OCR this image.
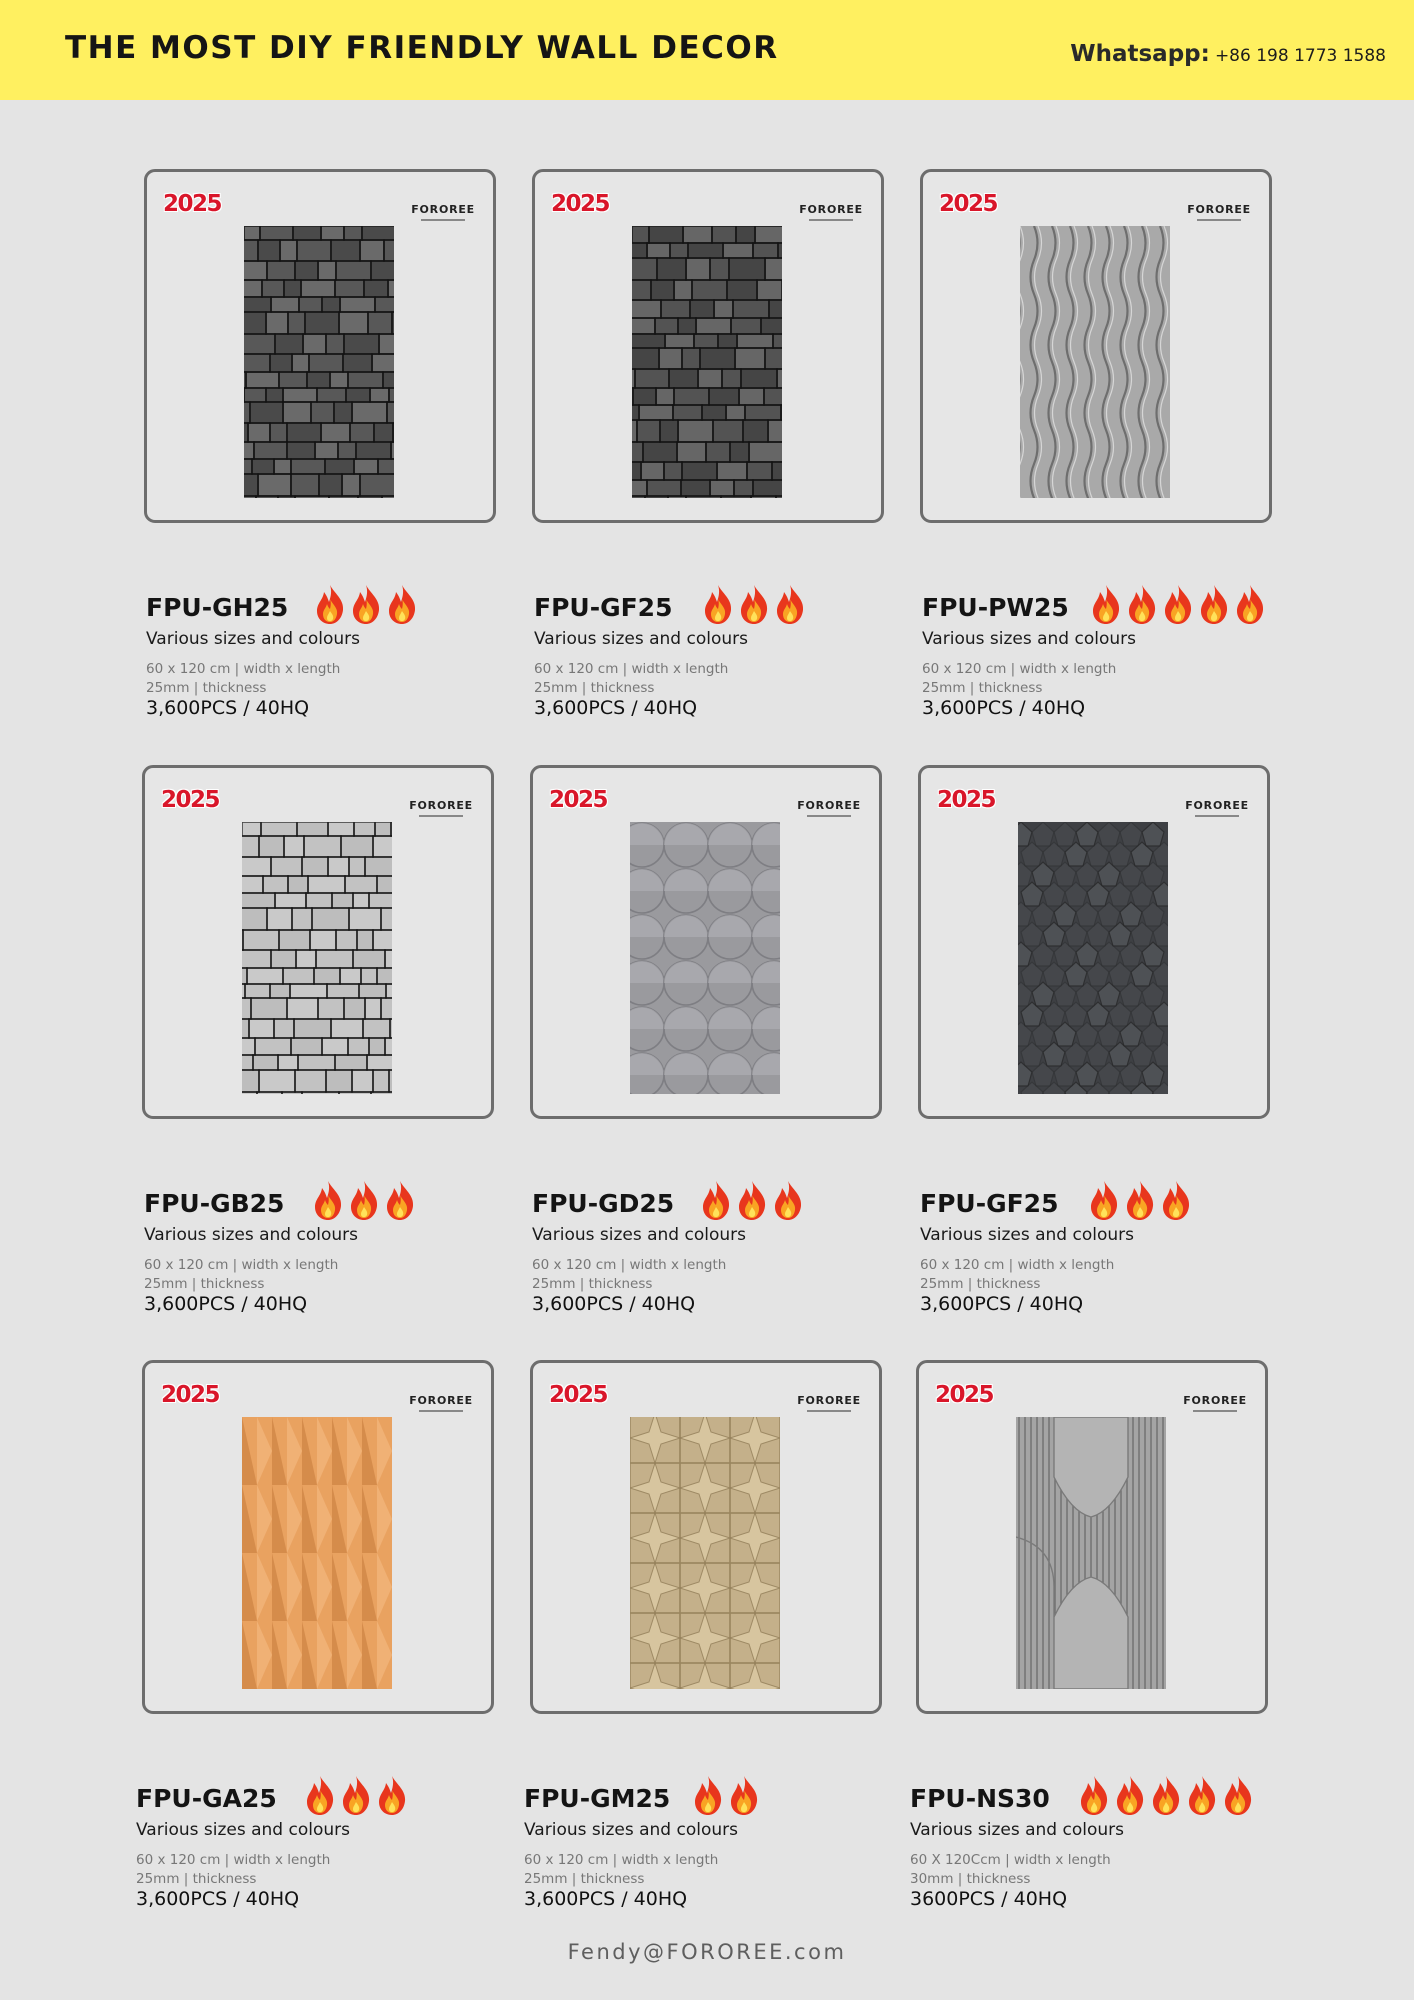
THE MOST DIY FRIENDLY WALL DECOR	Whatsapp: +86 198 1773 1588
2025	FOROREE
FPU-GH25
Various sizes and colours
60 x 120 cm | width x length
25mm | thickness
3,600PCS / 40HQ
2025	FOROREE
FPU-GF25
Various sizes and colours
60 x 120 cm | width x length
25mm | thickness
3,600PCS / 40HQ
2025	FOROREE
FPU-PW25
Various sizes and colours
60 x 120 cm | width x length
25mm | thickness
3,600PCS / 40HQ
2025	FOROREE
FPU-GB25
Various sizes and colours
60 x 120 cm | width x length
25mm | thickness
3,600PCS / 40HQ
2025	FOROREE
FPU-GD25
Various sizes and colours
60 x 120 cm | width x length
25mm | thickness
3,600PCS / 40HQ
2025	FOROREE
FPU-GF25
Various sizes and colours
60 x 120 cm | width x length
25mm | thickness
3,600PCS / 40HQ
2025	FOROREE
FPU-GA25
Various sizes and colours
60 x 120 cm | width x length
25mm | thickness
3,600PCS / 40HQ
2025	FOROREE
FPU-GM25
Various sizes and colours
60 x 120 cm | width x length
25mm | thickness
3,600PCS / 40HQ
2025	FOROREE
FPU-NS30
Various sizes and colours
60 X 120Ccm | width x length
30mm | thickness
3600PCS / 40HQ
Fendy@FOROREE.com
